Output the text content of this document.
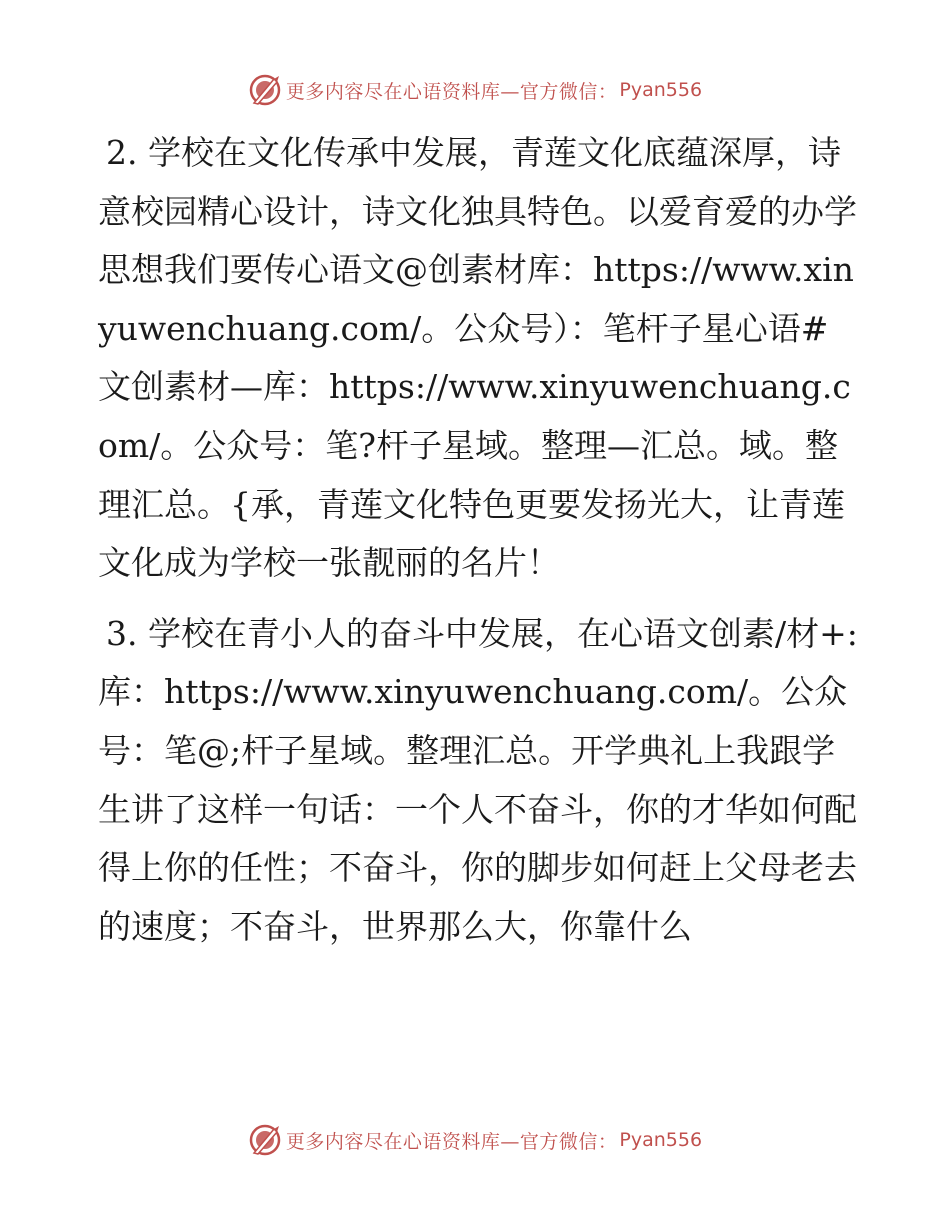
更多内容尽在心语资料库—官方微信： Pyan556

2. 学校在文化传承中发展，青莲文化底蕴深厚，诗意校园精心设计，诗文化独具特色。以爱育爱的办学思想我们要传心语文@创素材库：https://www.xinyuwenchuang.com/。公众号）：笔杆子星心语#文创素材—库：https://www.xinyuwenchuang.com/。公众号：笔?杆子星域。整理—汇总。域。整理汇总。{承，青莲文化特色更要发扬光大，让青莲文化成为学校一张靓丽的名片！

3. 学校在青小人的奋斗中发展，在心语文创素/材+:库：https://www.xinyuwenchuang.com/。公众号：笔@;杆子星域。整理汇总。开学典礼上我跟学生讲了这样一句话：一个人不奋斗，你的才华如何配得上你的任性；不奋斗，你的脚步如何赶上父母老去的速度；不奋斗，世界那么大，你靠什么

更多内容尽在心语资料库—官方微信： Pyan556
